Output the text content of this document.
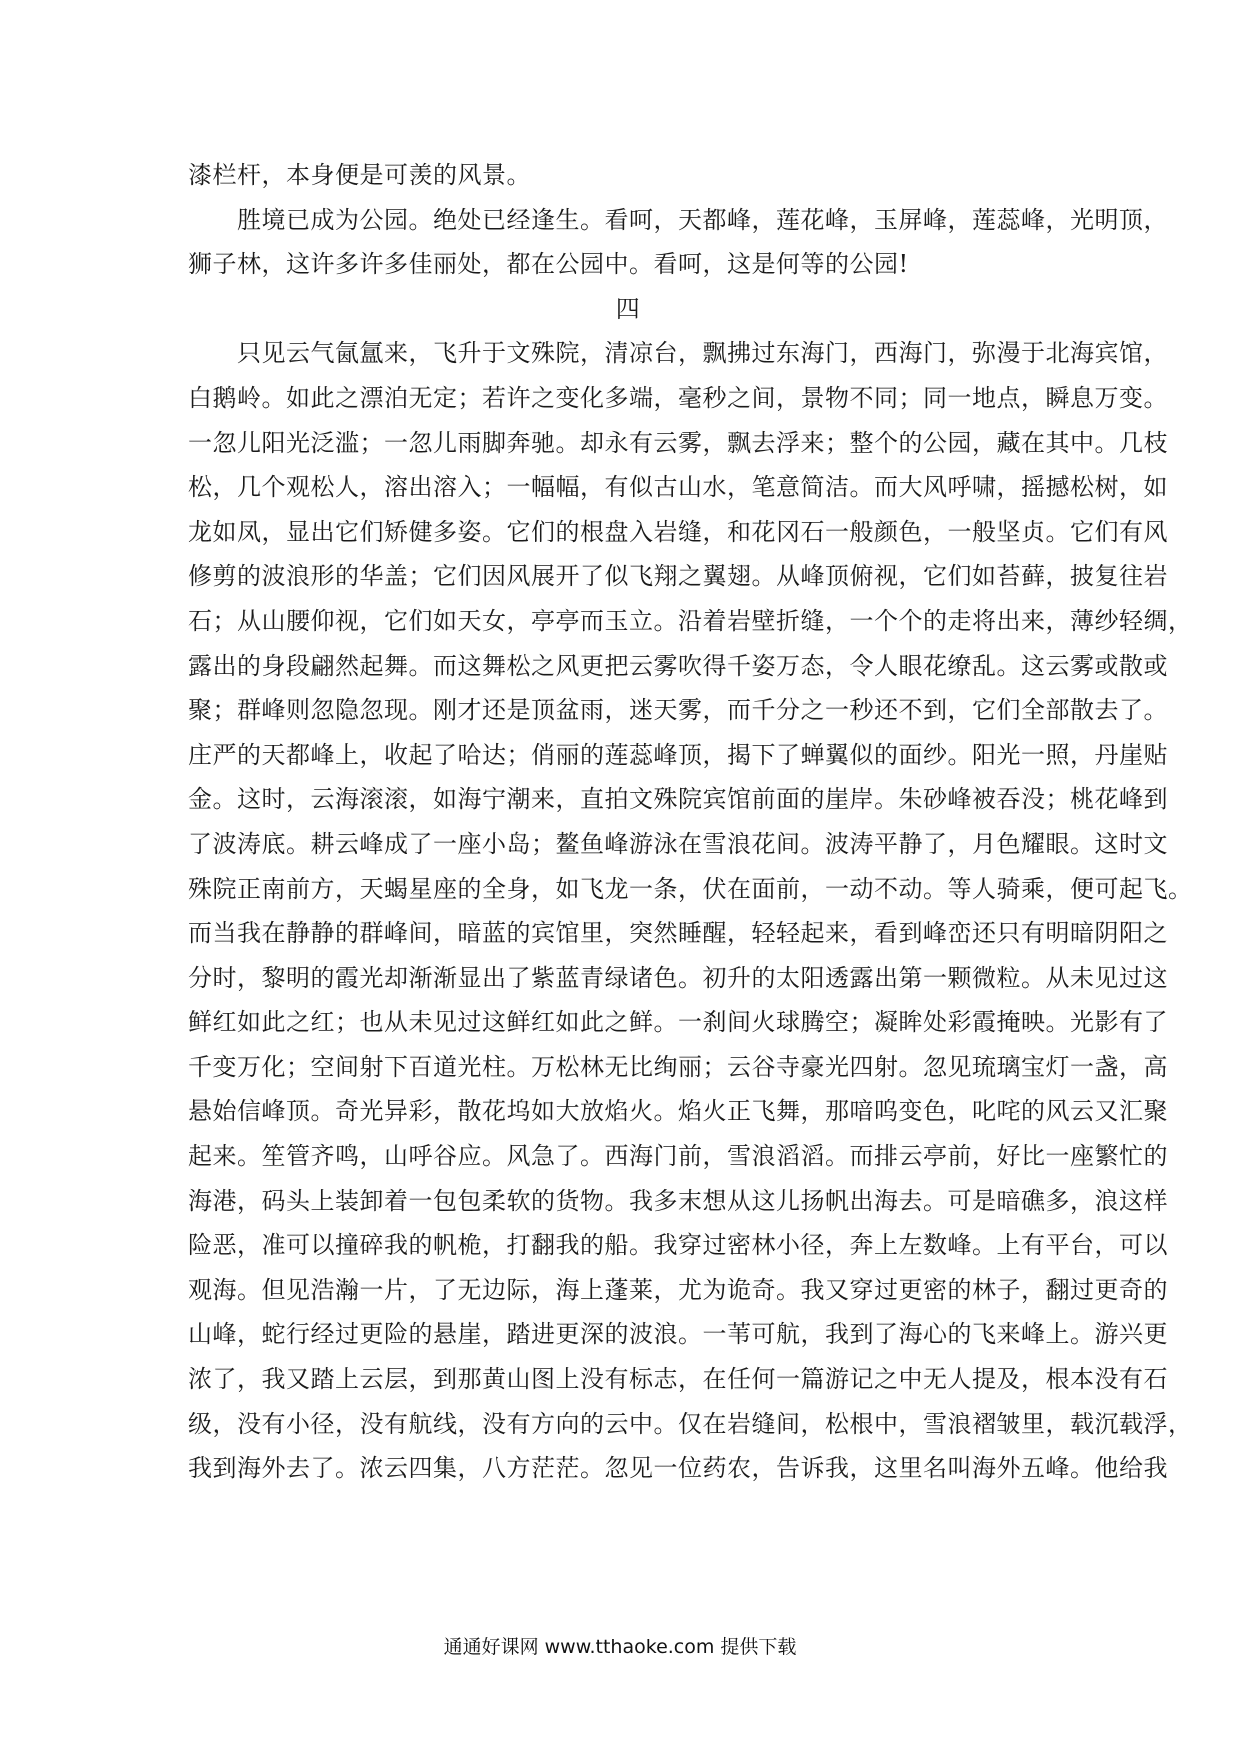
漆栏杆，本身便是可羡的风景。
　　胜境已成为公园。绝处已经逢生。看呵，天都峰，莲花峰，玉屏峰，莲蕊峰，光明顶，
狮子林，这许多许多佳丽处，都在公园中。看呵，这是何等的公园!
四
　　只见云气氤氲来，飞升于文殊院，清凉台，飘拂过东海门，西海门，弥漫于北海宾馆，
白鹅岭。如此之漂泊无定；若许之变化多端，毫秒之间，景物不同；同一地点，瞬息万变。
一忽儿阳光泛滥；一忽儿雨脚奔驰。却永有云雾，飘去浮来；整个的公园，藏在其中。几枝
松，几个观松人，溶出溶入；一幅幅，有似古山水，笔意简洁。而大风呼啸，摇撼松树，如
龙如凤，显出它们矫健多姿。它们的根盘入岩缝，和花冈石一般颜色，一般坚贞。它们有风
修剪的波浪形的华盖；它们因风展开了似飞翔之翼翅。从峰顶俯视，它们如苔藓，披复往岩
石；从山腰仰视，它们如天女，亭亭而玉立。沿着岩壁折缝，一个个的走将出来，薄纱轻绸，
露出的身段翩然起舞。而这舞松之风更把云雾吹得千姿万态，令人眼花缭乱。这云雾或散或
聚；群峰则忽隐忽现。刚才还是顶盆雨，迷天雾，而千分之一秒还不到，它们全部散去了。
庄严的天都峰上，收起了哈达；俏丽的莲蕊峰顶，揭下了蝉翼似的面纱。阳光一照，丹崖贴
金。这时，云海滚滚，如海宁潮来，直拍文殊院宾馆前面的崖岸。朱砂峰被吞没；桃花峰到
了波涛底。耕云峰成了一座小岛；鳌鱼峰游泳在雪浪花间。波涛平静了，月色耀眼。这时文
殊院正南前方，天蝎星座的全身，如飞龙一条，伏在面前，一动不动。等人骑乘，便可起飞。
而当我在静静的群峰间，暗蓝的宾馆里，突然睡醒，轻轻起来，看到峰峦还只有明暗阴阳之
分时，黎明的霞光却渐渐显出了紫蓝青绿诸色。初升的太阳透露出第一颗微粒。从未见过这
鲜红如此之红；也从未见过这鲜红如此之鲜。一刹间火球腾空；凝眸处彩霞掩映。光影有了
千变万化；空间射下百道光柱。万松林无比绚丽；云谷寺豪光四射。忽见琉璃宝灯一盏，高
悬始信峰顶。奇光异彩，散花坞如大放焰火。焰火正飞舞，那喑呜变色，叱咤的风云又汇聚
起来。笙管齐鸣，山呼谷应。风急了。西海门前，雪浪滔滔。而排云亭前，好比一座繁忙的
海港，码头上装卸着一包包柔软的货物。我多末想从这儿扬帆出海去。可是暗礁多，浪这样
险恶，准可以撞碎我的帆桅，打翻我的船。我穿过密林小径，奔上左数峰。上有平台，可以
观海。但见浩瀚一片，了无边际，海上蓬莱，尤为诡奇。我又穿过更密的林子，翻过更奇的
山峰，蛇行经过更险的悬崖，踏进更深的波浪。一苇可航，我到了海心的飞来峰上。游兴更
浓了，我又踏上云层，到那黄山图上没有标志，在任何一篇游记之中无人提及，根本没有石
级，没有小径，没有航线，没有方向的云中。仅在岩缝间，松根中，雪浪褶皱里，载沉载浮，
我到海外去了。浓云四集，八方茫茫。忽见一位药农，告诉我，这里名叫海外五峰。他给我
通通好课网 www.tthaoke.com 提供下载
